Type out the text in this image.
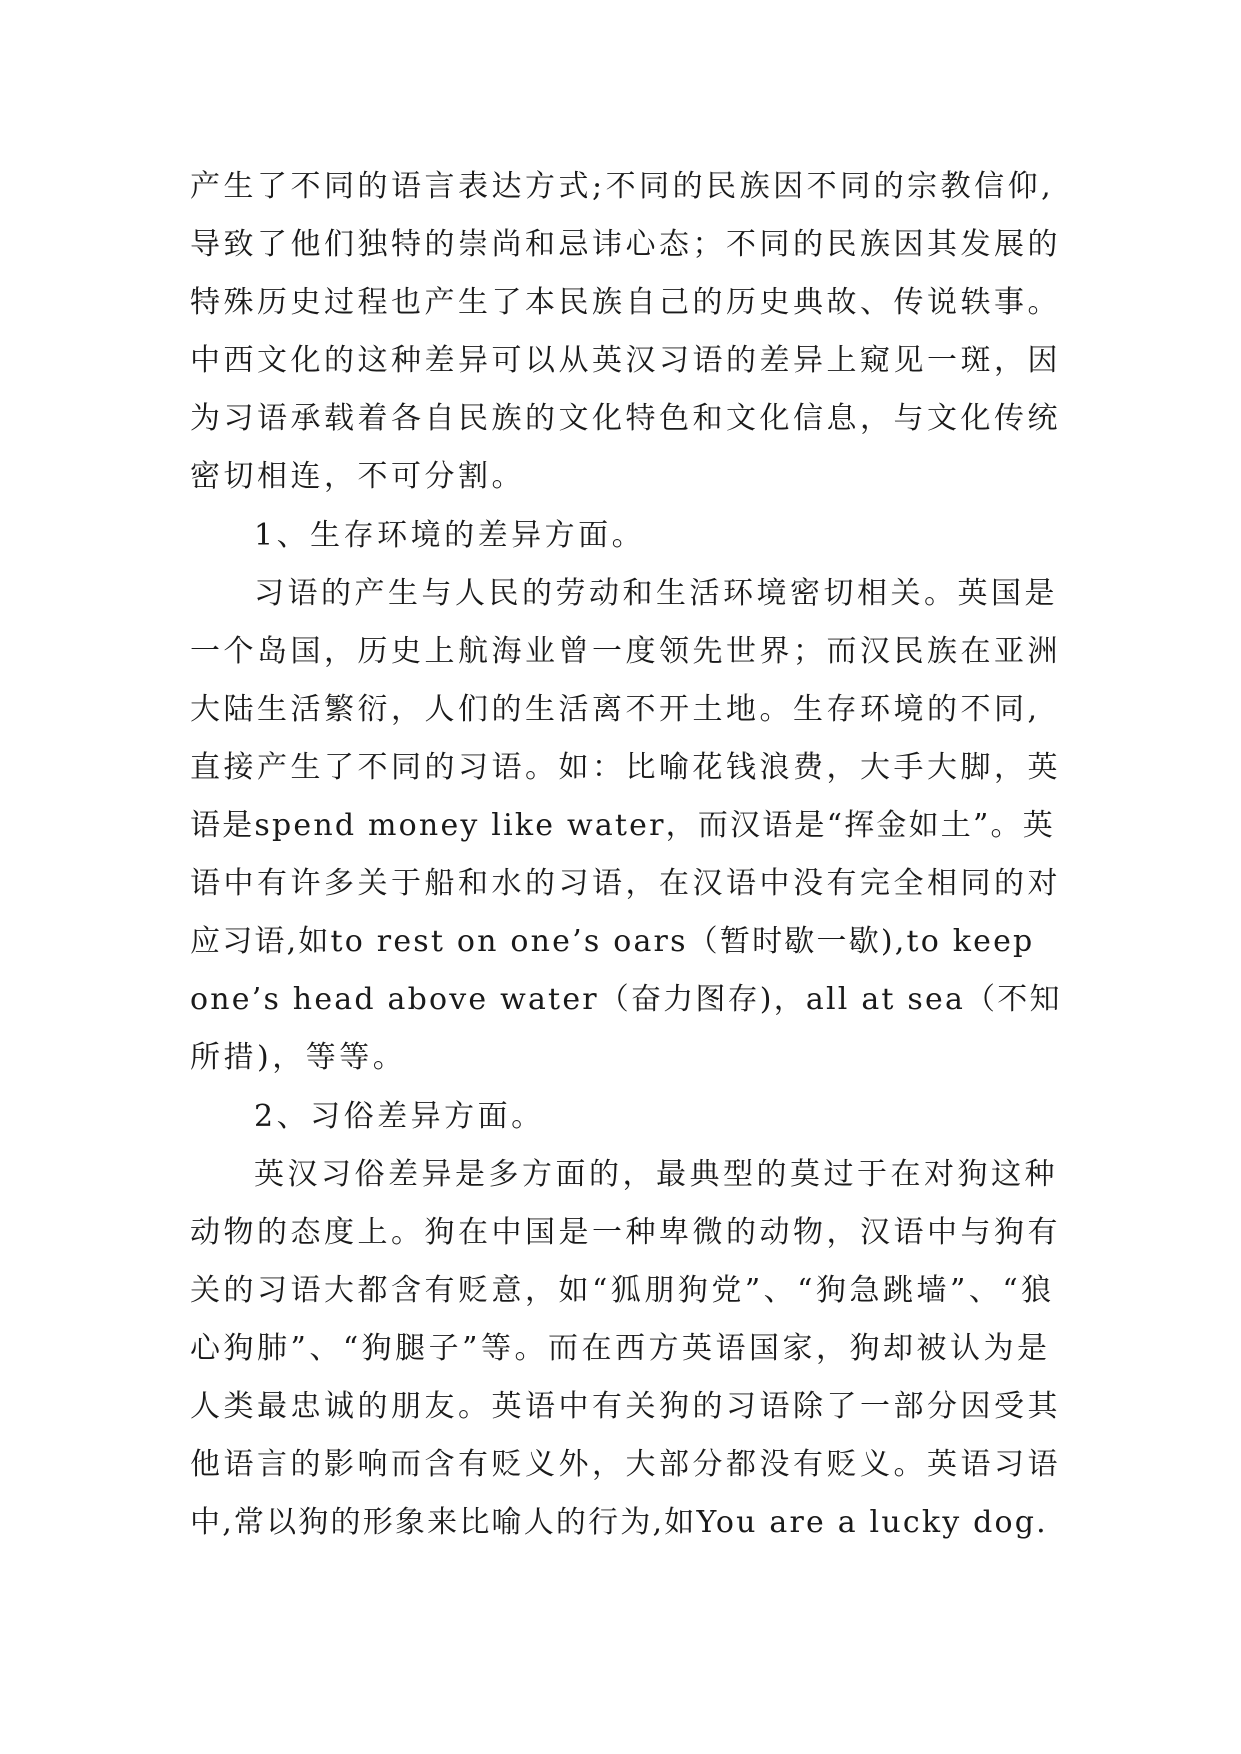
产生了不同的语言表达方式;不同的民族因不同的宗教信仰,
导致了他们独特的崇尚和忌讳心态；不同的民族因其发展的
特殊历史过程也产生了本民族自己的历史典故、传说轶事。
中西文化的这种差异可以从英汉习语的差异上窥见一斑，因
为习语承载着各自民族的文化特色和文化信息，与文化传统
密切相连，不可分割。
1、生存环境的差异方面。
习语的产生与人民的劳动和生活环境密切相关。英国是
一个岛国，历史上航海业曾一度领先世界；而汉民族在亚洲
大陆生活繁衍，人们的生活离不开土地。生存环境的不同,
直接产生了不同的习语。如：比喻花钱浪费，大手大脚，英
语是spend money like water，而汉语是“挥金如土”。英
语中有许多关于船和水的习语，在汉语中没有完全相同的对
应习语,如to rest on one’s oars（暂时歇一歇),to keep
one’s head above water（奋力图存)，all at sea（不知
所措)，等等。
2、习俗差异方面。
英汉习俗差异是多方面的，最典型的莫过于在对狗这种
动物的态度上。狗在中国是一种卑微的动物，汉语中与狗有
关的习语大都含有贬意，如“狐朋狗党”、“狗急跳墙”、“狼
心狗肺”、“狗腿子”等。而在西方英语国家，狗却被认为是
人类最忠诚的朋友。英语中有关狗的习语除了一部分因受其
他语言的影响而含有贬义外，大部分都没有贬义。英语习语
中,常以狗的形象来比喻人的行为,如You are a lucky dog.
